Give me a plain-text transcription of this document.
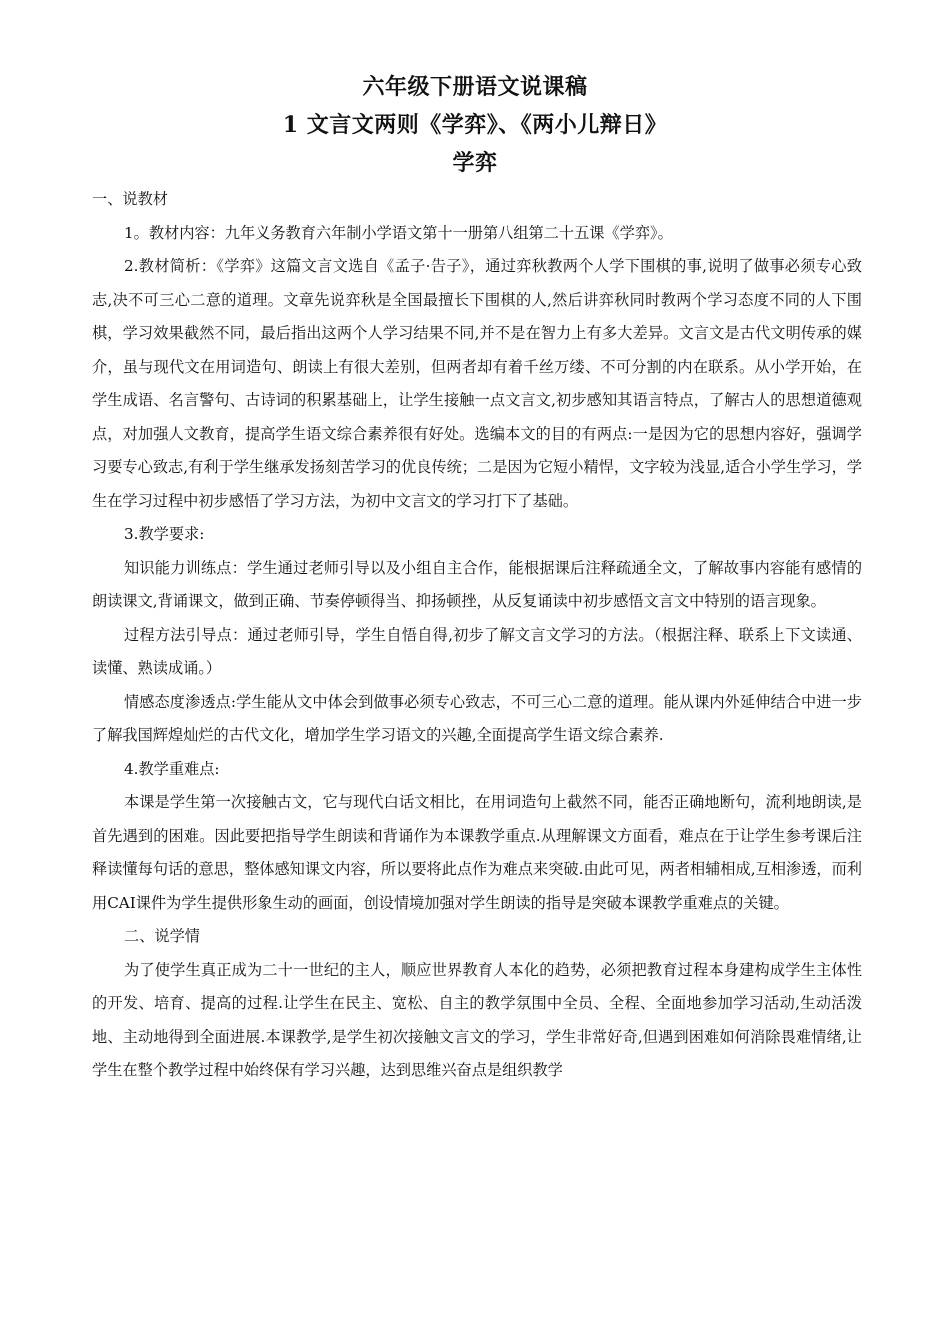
六年级下册语文说课稿
1 文言文两则《学弈》、《两小儿辩日》
学弈

一、说教材

1。教材内容：九年义务教育六年制小学语文第十一册第八组第二十五课《学弈》。

2.教材简析：《学弈》这篇文言文选自《孟子·告子》，通过弈秋教两个人学下围棋的事,说明了做事必须专心致志,决不可三心二意的道理。文章先说弈秋是全国最擅长下围棋的人,然后讲弈秋同时教两个学习态度不同的人下围棋，学习效果截然不同，最后指出这两个人学习结果不同,并不是在智力上有多大差异。文言文是古代文明传承的媒介，虽与现代文在用词造句、朗读上有很大差别，但两者却有着千丝万缕、不可分割的内在联系。从小学开始，在学生成语、名言警句、古诗词的积累基础上，让学生接触一点文言文,初步感知其语言特点，了解古人的思想道德观点，对加强人文教育，提高学生语文综合素养很有好处。选编本文的目的有两点:一是因为它的思想内容好，强调学习要专心致志,有利于学生继承发扬刻苦学习的优良传统；二是因为它短小精悍，文字较为浅显,适合小学生学习，学生在学习过程中初步感悟了学习方法，为初中文言文的学习打下了基础。

3.教学要求:

知识能力训练点：学生通过老师引导以及小组自主合作，能根据课后注释疏通全文，了解故事内容能有感情的朗读课文,背诵课文，做到正确、节奏停顿得当、抑扬顿挫，从反复诵读中初步感悟文言文中特别的语言现象。

过程方法引导点：通过老师引导，学生自悟自得,初步了解文言文学习的方法。（根据注释、联系上下文读通、读懂、熟读成诵。）

情感态度渗透点:学生能从文中体会到做事必须专心致志，不可三心二意的道理。能从课内外延伸结合中进一步了解我国辉煌灿烂的古代文化，增加学生学习语文的兴趣,全面提高学生语文综合素养.

4.教学重难点:

本课是学生第一次接触古文，它与现代白话文相比，在用词造句上截然不同，能否正确地断句，流利地朗读,是首先遇到的困难。因此要把指导学生朗读和背诵作为本课教学重点.从理解课文方面看，难点在于让学生参考课后注释读懂每句话的意思，整体感知课文内容，所以要将此点作为难点来突破.由此可见，两者相辅相成,互相渗透，而利用CAI课件为学生提供形象生动的画面，创设情境加强对学生朗读的指导是突破本课教学重难点的关键。

二、说学情

为了使学生真正成为二十一世纪的主人，顺应世界教育人本化的趋势，必须把教育过程本身建构成学生主体性的开发、培育、提高的过程.让学生在民主、宽松、自主的教学氛围中全员、全程、全面地参加学习活动,生动活泼地、主动地得到全面进展.本课教学,是学生初次接触文言文的学习，学生非常好奇,但遇到困难如何消除畏难情绪,让学生在整个教学过程中始终保有学习兴趣，达到思维兴奋点是组织教学
